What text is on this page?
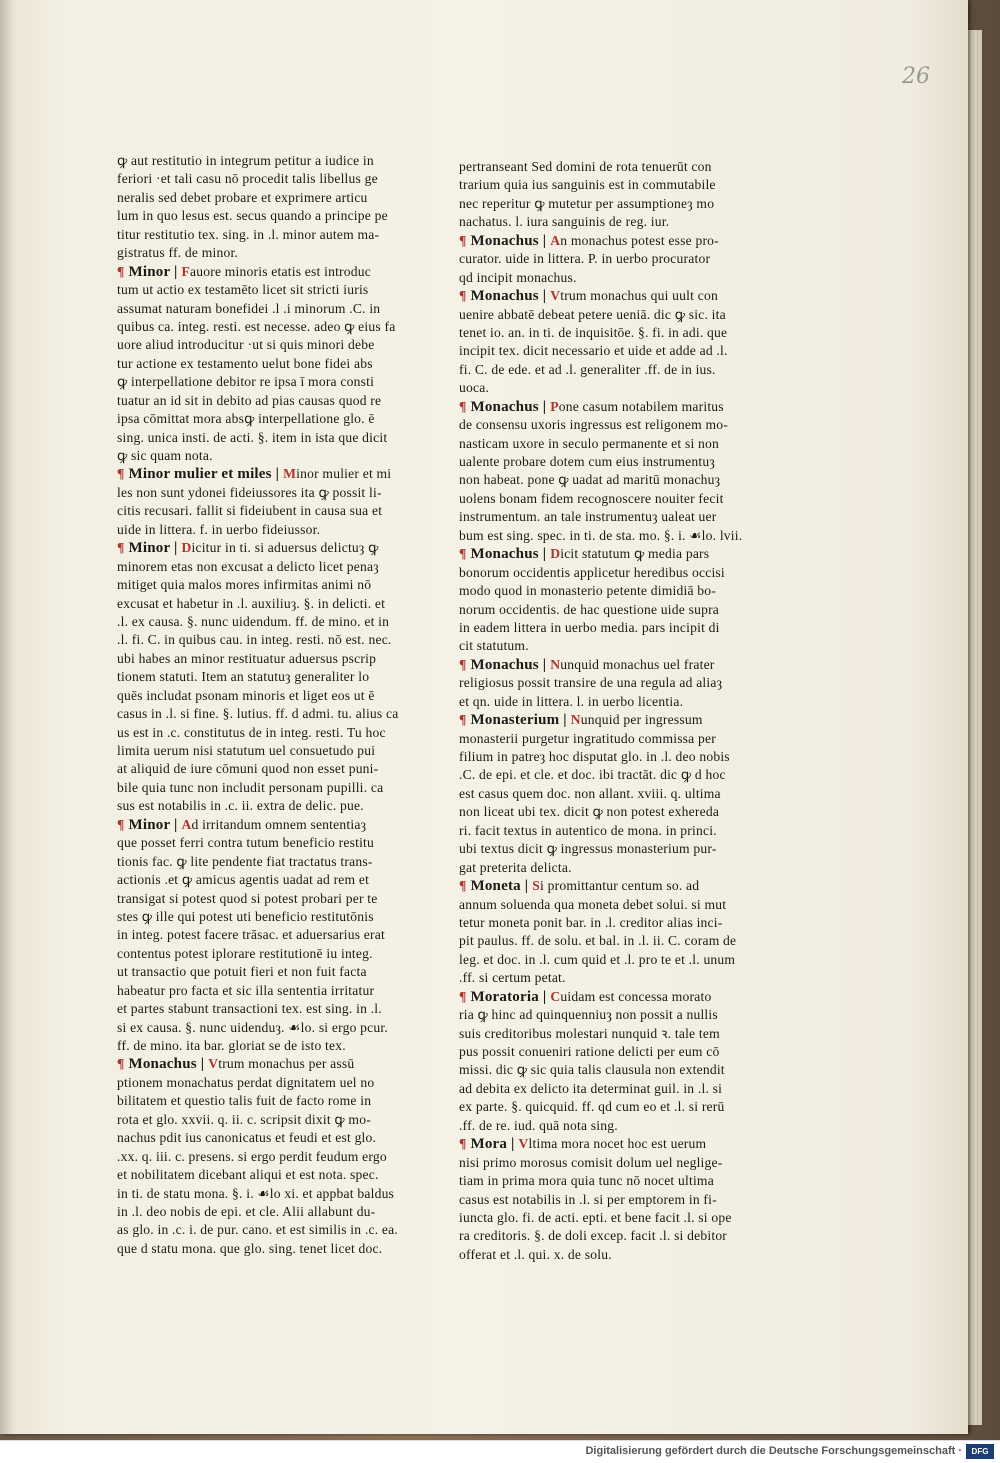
26
ꝙ aut restitutio in integrum petitur a iudice in
feriori ·et tali casu nō procedit talis libellus ge
neralis sed debet probare et exprimere articu
lum in quo lesus est. secus quando a principe pe
titur restitutio tex. sing. in .l. minor autem ma-
gistratus ff. de minor.
¶ Minor | Fauore minoris etatis est introduc
tum ut actio ex testamēto licet sit stricti iuris
assumat naturam bonefidei .l .i minorum .C. in
quibus ca. integ. resti. est necesse. adeo ꝙ eius fa
uore aliud introducitur ·ut si quis minori debe
tur actione ex testamento uelut bone fidei abs
ꝙ interpellatione debitor re ipsa ī mora consti
tuatur an id sit in debito ad pias causas quod re
ipsa cōmittat mora absꝙ interpellatione glo. ē
sing. unica insti. de acti. §. item in ista que dicit
ꝙ sic quam nota.
¶ Minor mulier et miles | Minor mulier et mi
les non sunt ydonei fideiussores ita ꝙ possit li-
citis recusari. fallit si fideiubent in causa sua et
uide in littera. f. in uerbo fideiussor.
¶ Minor | Dicitur in ti. si aduersus delictuȝ ꝙ
minorem etas non excusat a delicto licet penaȝ
mitiget quia malos mores infirmitas animi nō
excusat et habetur in .l. auxiliuȝ. §. in delicti. et
.l. ex causa. §. nunc uidendum. ff. de mino. et in
.l. fi. C. in quibus cau. in integ. resti. nō est. nec.
ubi habes an minor restituatur aduersus pscrip
tionem statuti. Item an statutuȝ generaliter lo
quēs includat psonam minoris et liget eos ut ē
casus in .l. si fine. §. lutius. ff. d admi. tu. alius ca
us est in .c. constitutus de in integ. resti. Tu hoc
limita uerum nisi statutum uel consuetudo pui
at aliquid de iure cōmuni quod non esset puni-
bile quia tunc non includit personam pupilli. ca
sus est notabilis in .c. ii. extra de delic. pue.
¶ Minor | Ad irritandum omnem sententiaȝ
que posset ferri contra tutum beneficio restitu
tionis fac. ꝙ lite pendente fiat tractatus trans-
actionis .et ꝙ amicus agentis uadat ad rem et
transigat si potest quod si potest probari per te
stes ꝙ ille qui potest uti beneficio restitutōnis
in integ. potest facere trāsac. et aduersarius erat
contentus potest iplorare restitutionē iu integ.
ut transactio que potuit fieri et non fuit facta
habeatur pro facta et sic illa sententia irritatur
et partes stabunt transactioni tex. est sing. in .l.
si ex causa. §. nunc uidenduȝ. ☙lo. si ergo pcur.
ff. de mino. ita bar. gloriat se de isto tex.
¶ Monachus | Vtrum monachus per assū
ptionem monachatus perdat dignitatem uel no
bilitatem et questio talis fuit de facto rome in
rota et glo. xxvii. q. ii. c. scripsit dixit ꝙ mo-
nachus pdit ius canonicatus et feudi et est glo.
.xx. q. iii. c. presens. si ergo perdit feudum ergo
et nobilitatem dicebant aliqui et est nota. spec.
in ti. de statu mona. §. i. ☙lo xi. et appbat baldus
in .l. deo nobis de epi. et cle. Alii allabunt du-
as glo. in .c. i. de pur. cano. et est similis in .c. ea.
que d statu mona. que glo. sing. tenet licet doc.
pertranseant Sed domini de rota tenuerūt con
trarium quia ius sanguinis est in commutabile
nec reperitur ꝙ mutetur per assumptioneȝ mo
nachatus. l. iura sanguinis de reg. iur.
¶ Monachus | An monachus potest esse pro-
curator. uide in littera. P. in uerbo procurator
qd incipit monachus.
¶ Monachus | Vtrum monachus qui uult con
uenire abbatē debeat petere ueniā. dic ꝙ sic. ita
tenet io. an. in ti. de inquisitōe. §. fi. in adi. que
incipit tex. dicit necessario et uide et adde ad .l.
fi. C. de ede. et ad .l. generaliter .ff. de in ius.
uoca.
¶ Monachus | Pone casum notabilem maritus
de consensu uxoris ingressus est religonem mo-
nasticam uxore in seculo permanente et si non
ualente probare dotem cum eius instrumentuȝ
non habeat. pone ꝙ uadat ad maritū monachuȝ
uolens bonam fidem recognoscere nouiter fecit
instrumentum. an tale instrumentuȝ ualeat uer
bum est sing. spec. in ti. de sta. mo. §. i. ☙lo. lvii.
¶ Monachus | Dicit statutum ꝙ media pars
bonorum occidentis applicetur heredibus occisi
modo quod in monasterio petente dimidiā bo-
norum occidentis. de hac questione uide supra
in eadem littera in uerbo media. pars incipit di
cit statutum.
¶ Monachus | Nunquid monachus uel frater
religiosus possit transire de una regula ad aliaȝ
et qn. uide in littera. l. in uerbo licentia.
¶ Monasterium | Nunquid per ingressum
monasterii purgetur ingratitudo commissa per
filium in patreȝ hoc disputat glo. in .l. deo nobis
.C. de epi. et cle. et doc. ibi tractāt. dic ꝙ d hoc
est casus quem doc. non allant. xviii. q. ultima
non liceat ubi tex. dicit ꝙ non potest exhereda
ri. facit textus in autentico de mona. in princi.
ubi textus dicit ꝙ ingressus monasterium pur-
gat preterita delicta.
¶ Moneta | Si promittantur centum so. ad
annum soluenda qua moneta debet solui. si mut
tetur moneta ponit bar. in .l. creditor alias inci-
pit paulus. ff. de solu. et bal. in .l. ii. C. coram de
leg. et doc. in .l. cum quid et .l. pro te et .l. unum
.ff. si certum petat.
¶ Moratoria | Cuidam est concessa morato
ria ꝙ hinc ad quinquenniuȝ non possit a nullis
suis creditoribus molestari nunquid ꝛ. tale tem
pus possit conueniri ratione delicti per eum cō
missi. dic ꝙ sic quia talis clausula non extendit
ad debita ex delicto ita determinat guil. in .l. si
ex parte. §. quicquid. ff. qd cum eo et .l. si rerū
.ff. de re. iud. quā nota sing.
¶ Mora | Vltima mora nocet hoc est uerum
nisi primo morosus comisit dolum uel neglige-
tiam in prima mora quia tunc nō nocet ultima
casus est notabilis in .l. si per emptorem in fi-
iuncta glo. fi. de acti. epti. et bene facit .l. si ope
ra creditoris. §. de doli excep. facit .l. si debitor
offerat et .l. qui. x. de solu.
Digitalisierung gefördert durch die Deutsche Forschungsgemeinschaft ·	DFG
